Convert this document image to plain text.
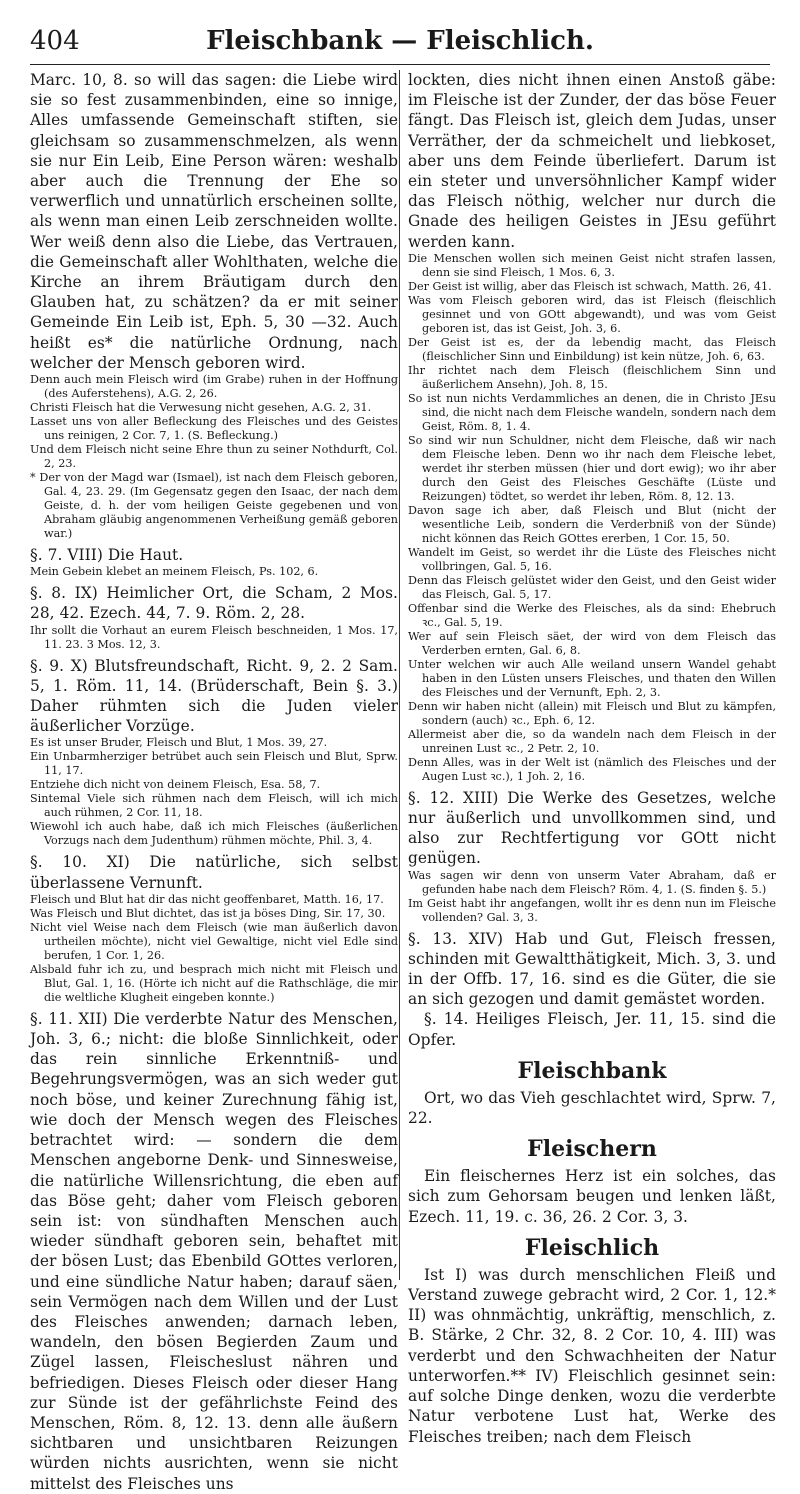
404	Fleischbank — Fleischlich.

Marc. 10, 8. so will das sagen: die Liebe wird sie so fest zusammenbinden, eine so innige, Alles umfassende Gemeinschaft stiften, sie gleichsam so zusammenschmelzen, als wenn sie nur Ein Leib, Eine Person wären: weshalb aber auch die Trennung der Ehe so verwerflich und unnatürlich erscheinen sollte, als wenn man einen Leib zerschneiden wollte. Wer weiß denn also die Liebe, das Vertrauen, die Gemeinschaft aller Wohlthaten, welche die Kirche an ihrem Bräutigam durch den Glauben hat, zu schätzen? da er mit seiner Gemeinde Ein Leib ist, Eph. 5, 30 —32. Auch heißt es* die natürliche Ordnung, nach welcher der Mensch geboren wird.

Denn auch mein Fleisch wird (im Grabe) ruhen in der Hoffnung (des Auferstehens), A.G. 2, 26.

Christi Fleisch hat die Verwesung nicht gesehen, A.G. 2, 31.

Lasset uns von aller Befleckung des Fleisches und des Geistes uns reinigen, 2 Cor. 7, 1. (S. Befleckung.)

Und dem Fleisch nicht seine Ehre thun zu seiner Nothdurft, Col. 2, 23.

* Der von der Magd war (Ismael), ist nach dem Fleisch geboren, Gal. 4, 23. 29. (Im Gegensatz gegen den Isaac, der nach dem Geiste, d. h. der vom heiligen Geiste gegebenen und von Abraham gläubig angenommenen Verheißung gemäß geboren war.)

§. 7. VIII) Die Haut.

Mein Gebein klebet an meinem Fleisch, Ps. 102, 6.

§. 8. IX) Heimlicher Ort, die Scham, 2 Mos. 28, 42. Ezech. 44, 7. 9. Röm. 2, 28.

Ihr sollt die Vorhaut an eurem Fleisch beschneiden, 1 Mos. 17, 11. 23. 3 Mos. 12, 3.

§. 9. X) Blutsfreundschaft, Richt. 9, 2. 2 Sam. 5, 1. Röm. 11, 14. (Brüderschaft, Bein §. 3.) Daher rühmten sich die Juden vieler äußerlicher Vorzüge.

Es ist unser Bruder, Fleisch und Blut, 1 Mos. 39, 27.

Ein Unbarmherziger betrübet auch sein Fleisch und Blut, Sprw. 11, 17.

Entziehe dich nicht von deinem Fleisch, Esa. 58, 7.

Sintemal Viele sich rühmen nach dem Fleisch, will ich mich auch rühmen, 2 Cor. 11, 18.

Wiewohl ich auch habe, daß ich mich Fleisches (äußerlichen Vorzugs nach dem Judenthum) rühmen möchte, Phil. 3, 4.

§. 10. XI) Die natürliche, sich selbst überlassene Vernunft.

Fleisch und Blut hat dir das nicht geoffenbaret, Matth. 16, 17.

Was Fleisch und Blut dichtet, das ist ja böses Ding, Sir. 17, 30.

Nicht viel Weise nach dem Fleisch (wie man äußerlich davon urtheilen möchte), nicht viel Gewaltige, nicht viel Edle sind berufen, 1 Cor. 1, 26.

Alsbald fuhr ich zu, und besprach mich nicht mit Fleisch und Blut, Gal. 1, 16. (Hörte ich nicht auf die Rathschläge, die mir die weltliche Klugheit eingeben konnte.)

§. 11. XII) Die verderbte Natur des Menschen, Joh. 3, 6.; nicht: die bloße Sinnlichkeit, oder das rein sinnliche Erkenntniß- und Begehrungsvermögen, was an sich weder gut noch böse, und keiner Zurechnung fähig ist, wie doch der Mensch wegen des Fleisches betrachtet wird: — sondern die dem Menschen angeborne Denk- und Sinnesweise, die natürliche Willensrichtung, die eben auf das Böse geht; daher vom Fleisch geboren sein ist: von sündhaften Menschen auch wieder sündhaft geboren sein, behaftet mit der bösen Lust; das Ebenbild GOttes verloren, und eine sündliche Natur haben; darauf säen, sein Vermögen nach dem Willen und der Lust des Fleisches anwenden; darnach leben, wandeln, den bösen Begierden Zaum und Zügel lassen, Fleischeslust nähren und befriedigen. Dieses Fleisch oder dieser Hang zur Sünde ist der gefährlichste Feind des Menschen, Röm. 8, 12. 13. denn alle äußern sichtbaren und unsichtbaren Reizungen würden nichts ausrichten, wenn sie nicht mittelst des Fleisches uns

lockten, dies nicht ihnen einen Anstoß gäbe: im Fleische ist der Zunder, der das böse Feuer fängt. Das Fleisch ist, gleich dem Judas, unser Verräther, der da schmeichelt und liebkoset, aber uns dem Feinde überliefert. Darum ist ein steter und unversöhnlicher Kampf wider das Fleisch nöthig, welcher nur durch die Gnade des heiligen Geistes in JEsu geführt werden kann.

Die Menschen wollen sich meinen Geist nicht strafen lassen, denn sie sind Fleisch, 1 Mos. 6, 3.

Der Geist ist willig, aber das Fleisch ist schwach, Matth. 26, 41.

Was vom Fleisch geboren wird, das ist Fleisch (fleischlich gesinnet und von GOtt abgewandt), und was vom Geist geboren ist, das ist Geist, Joh. 3, 6.

Der Geist ist es, der da lebendig macht, das Fleisch (fleischlicher Sinn und Einbildung) ist kein nütze, Joh. 6, 63.

Ihr richtet nach dem Fleisch (fleischlichem Sinn und äußerlichem Ansehn), Joh. 8, 15.

So ist nun nichts Verdammliches an denen, die in Christo JEsu sind, die nicht nach dem Fleische wandeln, sondern nach dem Geist, Röm. 8, 1. 4.

So sind wir nun Schuldner, nicht dem Fleische, daß wir nach dem Fleische leben. Denn wo ihr nach dem Fleische lebet, werdet ihr sterben müssen (hier und dort ewig); wo ihr aber durch den Geist des Fleisches Geschäfte (Lüste und Reizungen) tödtet, so werdet ihr leben, Röm. 8, 12. 13.

Davon sage ich aber, daß Fleisch und Blut (nicht der wesentliche Leib, sondern die Verderbniß von der Sünde) nicht können das Reich GOttes ererben, 1 Cor. 15, 50.

Wandelt im Geist, so werdet ihr die Lüste des Fleisches nicht vollbringen, Gal. 5, 16.

Denn das Fleisch gelüstet wider den Geist, und den Geist wider das Fleisch, Gal. 5, 17.

Offenbar sind die Werke des Fleisches, als da sind: Ehebruch ꝛc., Gal. 5, 19.

Wer auf sein Fleisch säet, der wird von dem Fleisch das Verderben ernten, Gal. 6, 8.

Unter welchen wir auch Alle weiland unsern Wandel gehabt haben in den Lüsten unsers Fleisches, und thaten den Willen des Fleisches und der Vernunft, Eph. 2, 3.

Denn wir haben nicht (allein) mit Fleisch und Blut zu kämpfen, sondern (auch) ꝛc., Eph. 6, 12.

Allermeist aber die, so da wandeln nach dem Fleisch in der unreinen Lust ꝛc., 2 Petr. 2, 10.

Denn Alles, was in der Welt ist (nämlich des Fleisches und der Augen Lust ꝛc.), 1 Joh. 2, 16.

§. 12. XIII) Die Werke des Gesetzes, welche nur äußerlich und unvollkommen sind, und also zur Rechtfertigung vor GOtt nicht genügen.

Was sagen wir denn von unserm Vater Abraham, daß er gefunden habe nach dem Fleisch? Röm. 4, 1. (S. finden §. 5.)

Im Geist habt ihr angefangen, wollt ihr es denn nun im Fleische vollenden? Gal. 3, 3.

§. 13. XIV) Hab und Gut, Fleisch fressen, schinden mit Gewaltthätigkeit, Mich. 3, 3. und in der Offb. 17, 16. sind es die Güter, die sie an sich gezogen und damit gemästet worden.

§. 14. Heiliges Fleisch, Jer. 11, 15. sind die Opfer.

Fleischbank

Ort, wo das Vieh geschlachtet wird, Sprw. 7, 22.

Fleischern

Ein fleischernes Herz ist ein solches, das sich zum Gehorsam beugen und lenken läßt, Ezech. 11, 19. c. 36, 26. 2 Cor. 3, 3.

Fleischlich

Ist I) was durch menschlichen Fleiß und Verstand zuwege gebracht wird, 2 Cor. 1, 12.* II) was ohnmächtig, unkräftig, menschlich, z. B. Stärke, 2 Chr. 32, 8. 2 Cor. 10, 4. III) was verderbt und den Schwachheiten der Natur unterworfen.** IV) Fleischlich gesinnet sein: auf solche Dinge denken, wozu die verderbte Natur verbotene Lust hat, Werke des Fleisches treiben; nach dem Fleisch
